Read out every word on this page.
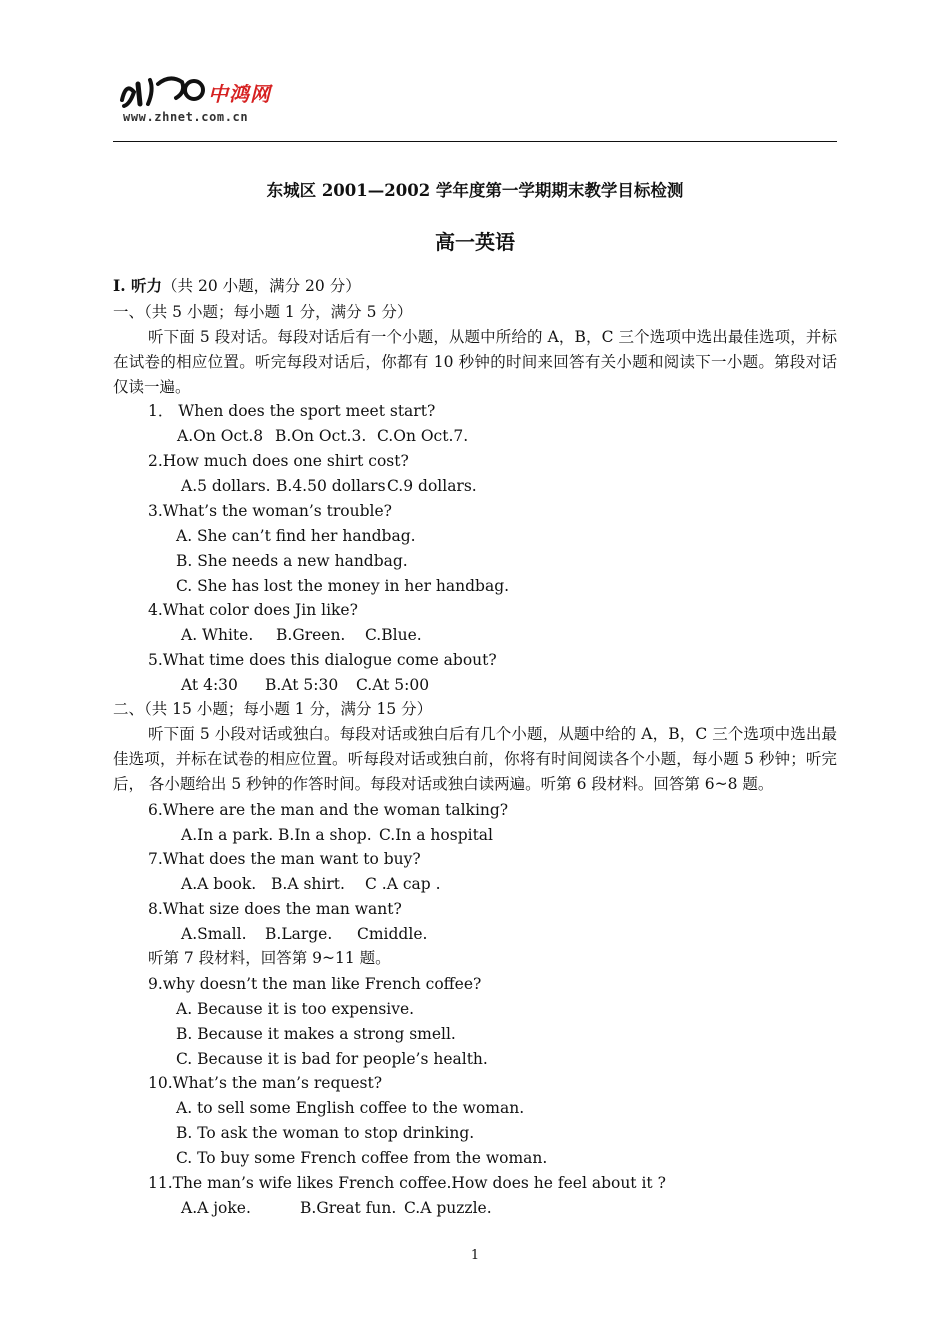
中鸿网
www.zhnet.com.cn
东城区 2001—2002 学年度第一学期期末教学目标检测
高一英语
Ⅰ. 听力（共 20 小题，满分 20 分）
一、（共 5 小题；每小题 1 分，满分 5 分）
听下面 5 段对话。每段对话后有一个小题，从题中所给的 A，B，C 三个选项中选出最佳选项，并标在试卷的相应位置。听完每段对话后，你都有 10 秒钟的时间来回答有关小题和阅读下一小题。第段对话仅读一遍。
1． When does the sport meet start?
A.On Oct.8 B.On Oct.3. C.On Oct.7.
2.How much does one shirt cost?
A.5 dollars. B.4.50 dollarsC.9 dollars.
3.What’s the woman’s trouble?
A. She can’t find her handbag.
B. She needs a new handbag.
C. She has lost the money in her handbag.
4.What color does Jin like?
A. White. B.Green. C.Blue.
5.What time does this dialogue come about?
At 4:30 B.At 5:30 C.At 5:00
二、（共 15 小题；每小题 1 分，满分 15 分）
听下面 5 小段对话或独白。每段对话或独白后有几个小题，从题中给的 A，B，C 三个选项中选出最佳选项，并标在试卷的相应位置。听每段对话或独白前，你将有时间阅读各个小题，每小题 5 秒钟；听完后， 各小题给出 5 秒钟的作答时间。每段对话或独白读两遍。听第 6 段材料。回答第 6~8 题。
6.Where are the man and the woman talking?
A.In a park. B.In a shop. C.In a hospital
7.What does the man want to buy?
A.A book. B.A shirt. C .A cap .
8.What size does the man want?
A.Small. B.Large. Cmiddle.
听第 7 段材料，回答第 9~11 题。
9.why doesn’t the man like French coffee?
A. Because it is too expensive.
B. Because it makes a strong smell.
C. Because it is bad for people’s health.
10.What’s the man’s request?
A. to sell some English coffee to the woman.
B. To ask the woman to stop drinking.
C. To buy some French coffee from the woman.
11.The man’s wife likes French coffee.How does he feel about it ?
A.A joke.	B.Great fun. C.A puzzle.
1
